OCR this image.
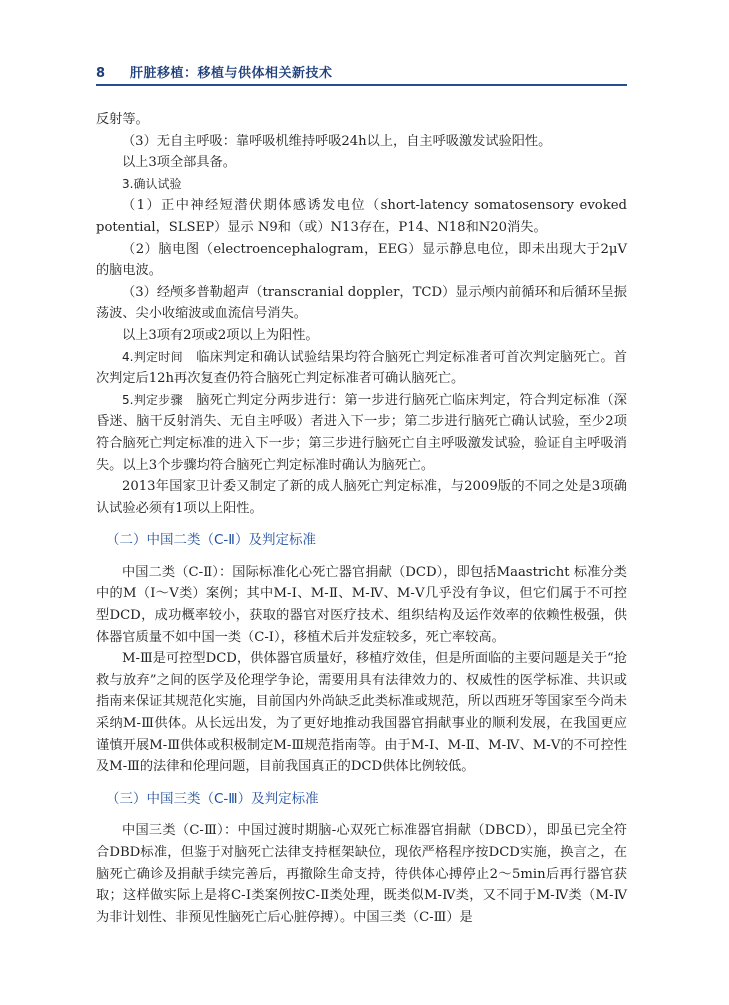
8 肝脏移植：移植与供体相关新技术

反射等。

（3）无自主呼吸：靠呼吸机维持呼吸24h以上，自主呼吸激发试验阳性。

以上3项全部具备。

3.确认试验

（1）正中神经短潜伏期体感诱发电位（short-latency somatosensory evoked potential，SLSEP）显示 N9和（或）N13存在，P14、N18和N20消失。

（2）脑电图（electroencephalogram，EEG）显示静息电位，即未出现大于2μV的脑电波。

（3）经颅多普勒超声（transcranial doppler，TCD）显示颅内前循环和后循环呈振荡波、尖小收缩波或血流信号消失。

以上3项有2项或2项以上为阳性。

4.判定时间 临床判定和确认试验结果均符合脑死亡判定标准者可首次判定脑死亡。首次判定后12h再次复查仍符合脑死亡判定标准者可确认脑死亡。

5.判定步骤 脑死亡判定分两步进行：第一步进行脑死亡临床判定，符合判定标准（深昏迷、脑干反射消失、无自主呼吸）者进入下一步；第二步进行脑死亡确认试验，至少2项符合脑死亡判定标准的进入下一步；第三步进行脑死亡自主呼吸激发试验，验证自主呼吸消失。以上3个步骤均符合脑死亡判定标准时确认为脑死亡。

2013年国家卫计委又制定了新的成人脑死亡判定标准，与2009版的不同之处是3项确认试验必须有1项以上阳性。

（二）中国二类（C-Ⅱ）及判定标准

中国二类（C-Ⅱ）：国际标准化心死亡器官捐献（DCD），即包括Maastricht 标准分类中的M（Ⅰ～Ⅴ类）案例；其中M-Ⅰ、M-Ⅱ、M-Ⅳ、M-Ⅴ几乎没有争议，但它们属于不可控型DCD，成功概率较小，获取的器官对医疗技术、组织结构及运作效率的依赖性极强，供体器官质量不如中国一类（C-Ⅰ），移植术后并发症较多，死亡率较高。

M-Ⅲ是可控型DCD，供体器官质量好，移植疗效佳，但是所面临的主要问题是关于“抢救与放弃”之间的医学及伦理学争论，需要用具有法律效力的、权威性的医学标准、共识或指南来保证其规范化实施，目前国内外尚缺乏此类标准或规范，所以西班牙等国家至今尚未采纳M-Ⅲ供体。从长远出发，为了更好地推动我国器官捐献事业的顺利发展，在我国更应谨慎开展M-Ⅲ供体或积极制定M-Ⅲ规范指南等。由于M-Ⅰ、M-Ⅱ、M-Ⅳ、M-Ⅴ的不可控性及M-Ⅲ的法律和伦理问题，目前我国真正的DCD供体比例较低。

（三）中国三类（C-Ⅲ）及判定标准

中国三类（C-Ⅲ）：中国过渡时期脑-心双死亡标准器官捐献（DBCD），即虽已完全符合DBD标准，但鉴于对脑死亡法律支持框架缺位，现依严格程序按DCD实施，换言之，在脑死亡确诊及捐献手续完善后，再撤除生命支持，待供体心搏停止2～5min后再行器官获取；这样做实际上是将C-Ⅰ类案例按C-Ⅱ类处理，既类似M-Ⅳ类，又不同于M-Ⅳ类（M-Ⅳ为非计划性、非预见性脑死亡后心脏停搏）。中国三类（C-Ⅲ）是
